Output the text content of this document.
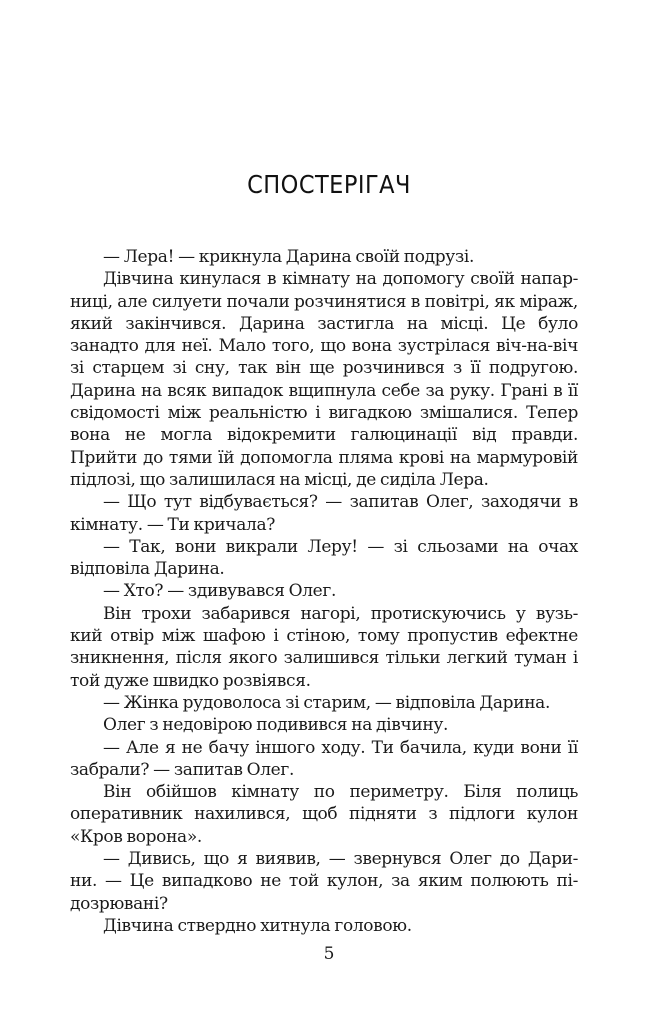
СПОСТЕРІГАЧ
— Лера! — крикнула Дарина своїй подрузі.
Дівчина кинулася в кімнату на допомогу своїй напар-
ниці, але силуети почали розчинятися в повітрі, як міраж,
який закінчився. Дарина застигла на місці. Це було
занадто для неї. Мало того, що вона зустрілася віч-на-віч
зі старцем зі сну, так він ще розчинився з її подругою.
Дарина на всяк випадок вщипнула себе за руку. Грані в її
свідомості між реальністю і вигадкою змішалися. Тепер
вона не могла відокремити галюцинації від правди.
Прийти до тями їй допомогла пляма крові на мармуровій
підлозі, що залишилася на місці, де сиділа Лера.
— Що тут відбувається? — запитав Олег, заходячи в
кімнату. — Ти кричала?
— Так, вони викрали Леру! — зі сльозами на очах
відповіла Дарина.
— Хто? — здивувався Олег.
Він трохи забарився нагорі, протискуючись у вузь-
кий отвір між шафою і стіною, тому пропустив ефектне
зникнення, після якого залишився тільки легкий туман і
той дуже швидко розвіявся.
— Жінка рудоволоса зі старим, — відповіла Дарина.
Олег з недовірою подивився на дівчину.
— Але я не бачу іншого ходу. Ти бачила, куди вони її
забрали? — запитав Олег.
Він обійшов кімнату по периметру. Біля полиць
оперативник нахилився, щоб підняти з підлоги кулон
«Кров ворона».
— Дивись, що я виявив, — звернувся Олег до Дари-
ни. — Це випадково не той кулон, за яким полюють пі-
дозрювані?
Дівчина ствердно хитнула головою.
5
